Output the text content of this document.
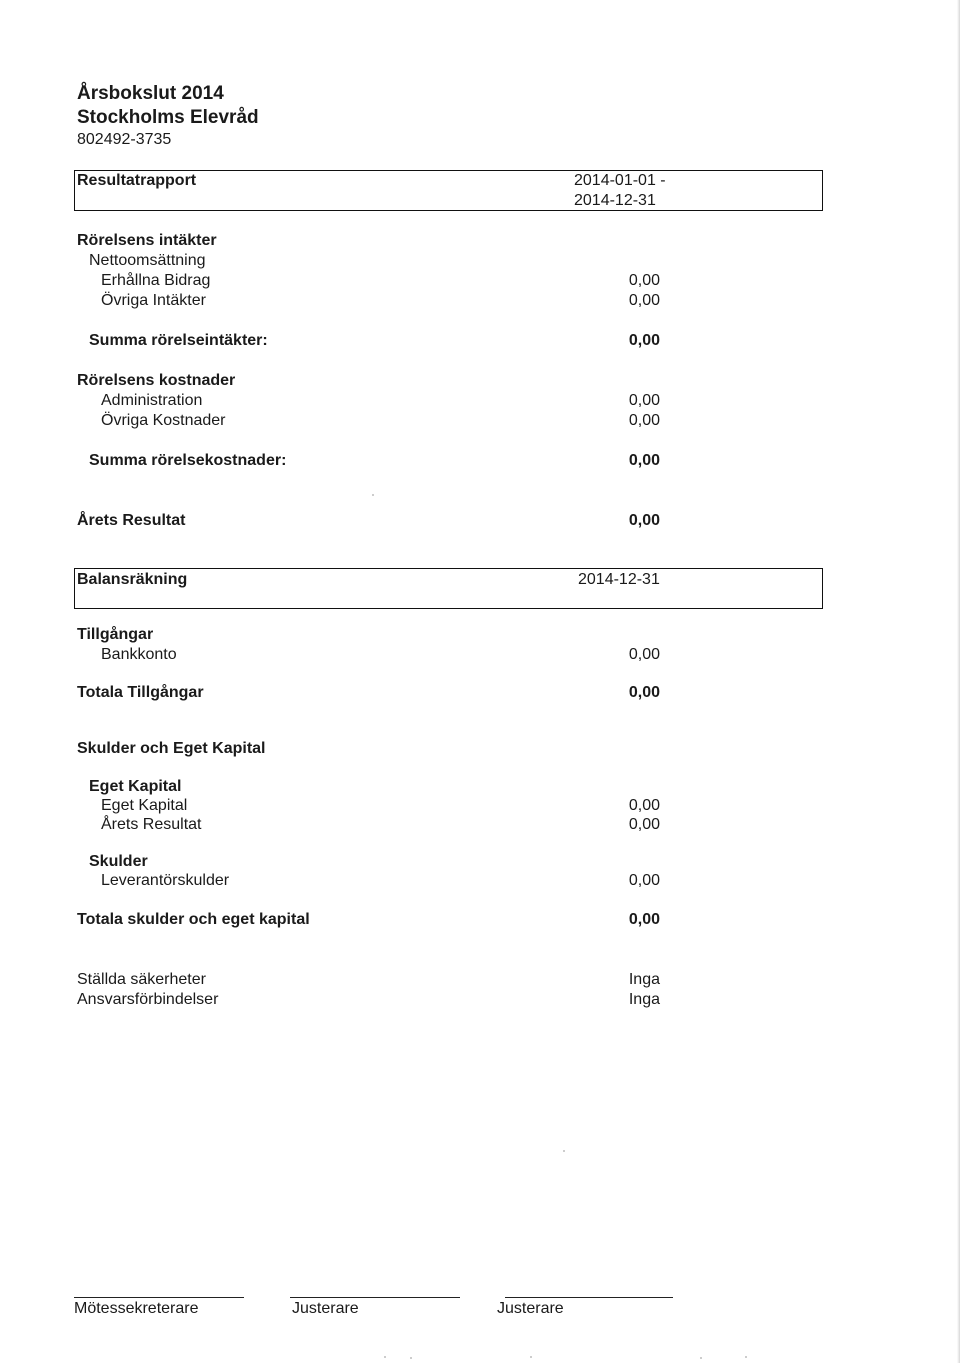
Årsbokslut 2014
Stockholms Elevråd
802492-3735
Resultatrapport	2014-01-01 -
2014-12-31
Rörelsens intäkter
Nettoomsättning
Erhållna Bidrag	0,00
Övriga Intäkter	0,00
Summa rörelseintäkter:	0,00
Rörelsens kostnader
Administration	0,00
Övriga Kostnader	0,00
Summa rörelsekostnader:	0,00
Årets Resultat	0,00
Balansräkning	2014-12-31
Tillgångar
Bankkonto	0,00
Totala Tillgångar	0,00
Skulder och Eget Kapital
Eget Kapital
Eget Kapital	0,00
Årets Resultat	0,00
Skulder
Leverantörskulder	0,00
Totala skulder och eget kapital	0,00
Ställda säkerheter	Inga
Ansvarsförbindelser	Inga
Mötessekreterare	Justerare	Justerare
